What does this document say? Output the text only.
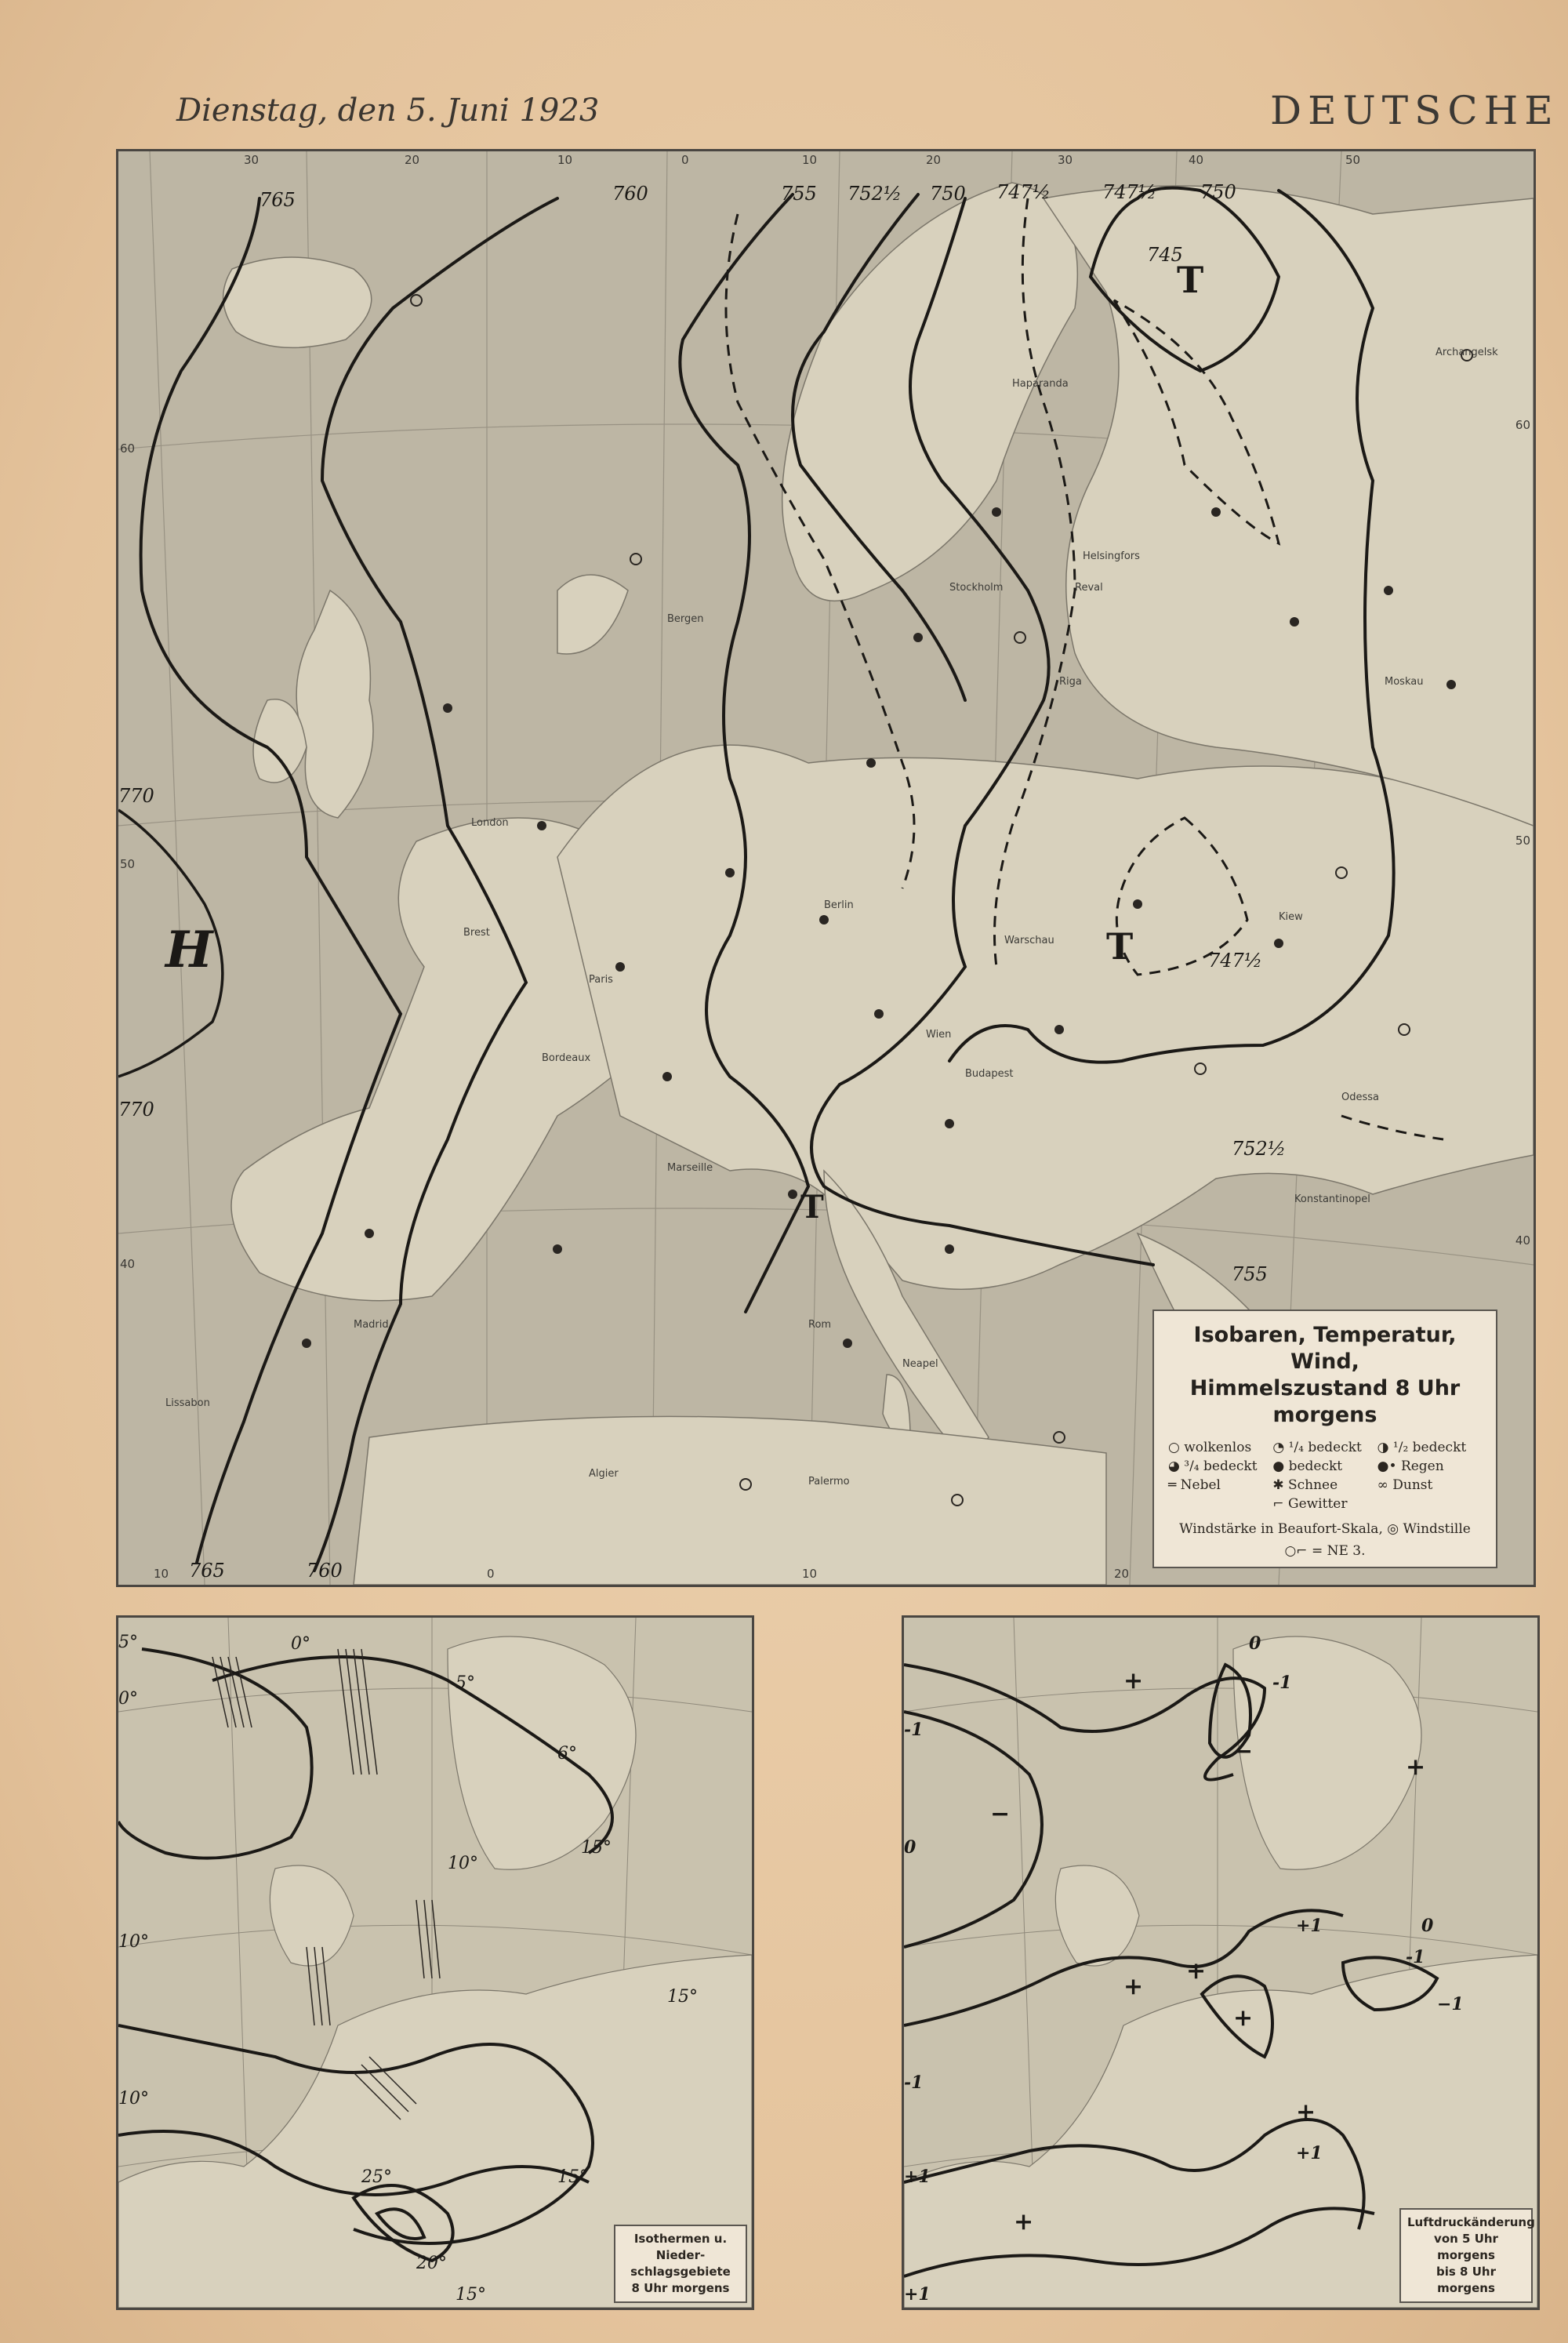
Dienstag, den 5. Juni 1923	DEUTSCHE
H
T
T
T
765	760	755 752½ 750 747½
745
747½ 750
770
770
765	760
755
752½
747½
Moskau
Berlin
Wien
Paris
London
Madrid	Rom
Warschau
Stockholm
Bergen
Kiew
Archangelsk
Konstantinopel
Algier
Lissabon
Riga
Helsingfors
Budapest
Odessa
Brest
Bordeaux
Marseille
Palermo
Neapel
Haparanda
Reval
30	20	10	0	10	20	30	40	50
10	0	10	20
60
50
40
60
50
40
Isobaren, Temperatur, Wind,
Himmelszustand 8 Uhr morgens
○ wolkenlos	◔ ¹/₄ bedeckt	◑ ¹/₂ bedeckt
◕ ³/₄ bedeckt	● bedeckt	●• Regen
═ Nebel	✱ Schnee	∞ Dunst
⌐ Gewitter
Windstärke in Beaufort-Skala, ◎ Windstille
○⌐ = NE 3.
0°
5°
0°
6°
10°
10°
15°
15°
10°
25°
20°
15°
15°
5°
Isothermen u. Nieder-
schlagsgebiete
8 Uhr morgens
+
−
+
0
-1
-1
0
−
+1
+
+
+
0
-1
−1
+
+1
+
+1
-1
+1
Luftdruckänderung
von 5 Uhr morgens
bis 8 Uhr morgens
